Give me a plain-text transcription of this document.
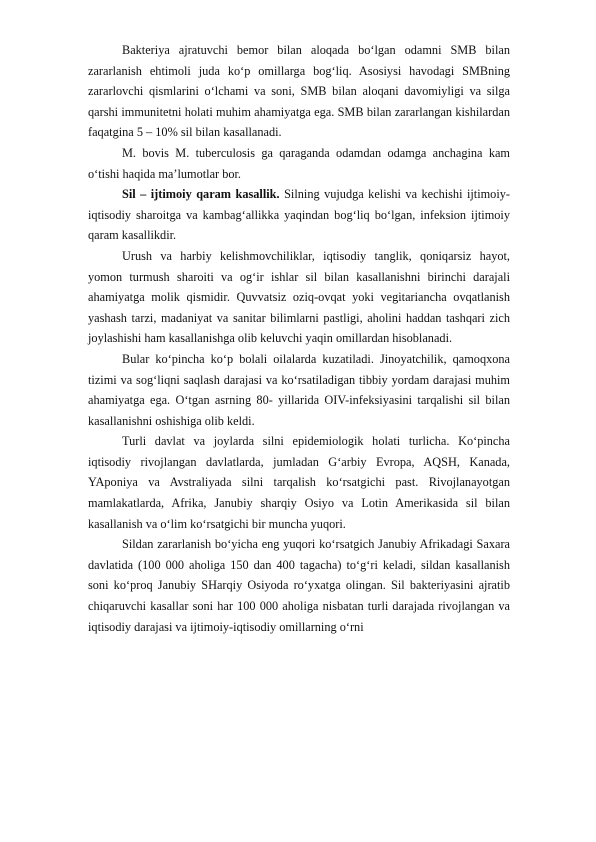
Bakteriya ajratuvchi bemor bilan aloqada bo‘lgan odamni SMB bilan zararlanish ehtimoli juda ko‘p omillarga bog‘liq. Asosiysi havodagi SMBning zararlovchi qismlarini o‘lchami va soni, SMB bilan aloqani davomiyligi va silga qarshi immunitetni holati muhim ahamiyatga ega. SMB bilan zararlangan kishilardan faqatgina 5 – 10% sil bilan kasallanadi.

M. bovis M. tuberculosis ga qaraganda odamdan odamga anchagina kam o‘tishi haqida ma’lumotlar bor.

Sil – ijtimoiy qaram kasallik. Silning vujudga kelishi va kechishi ijtimoiy-iqtisodiy sharoitga va kambag‘allikka yaqindan bog‘liq bo‘lgan, infeksion ijtimoiy qaram kasallikdir.

Urush va harbiy kelishmovchiliklar, iqtisodiy tanglik, qoniqarsiz hayot, yomon turmush sharoiti va og‘ir ishlar sil bilan kasallanishni birinchi darajali ahamiyatga molik qismidir. Quvvatsiz oziq-ovqat yoki vegitariancha ovqatlanish yashash tarzi, madaniyat va sanitar bilimlarni pastligi, aholini haddan tashqari zich joylashishi ham kasallanishga olib keluvchi yaqin omillardan hisoblanadi.

Bular ko‘pincha ko‘p bolali oilalarda kuzatiladi. Jinoyatchilik, qamoqxona tizimi va sog‘liqni saqlash darajasi va ko‘rsatiladigan tibbiy yordam darajasi muhim ahamiyatga ega. O‘tgan asrning 80- yillarida OIV-infeksiyasini tarqalishi sil bilan kasallanishni oshishiga olib keldi.

Turli davlat va joylarda silni epidemiologik holati turlicha. Ko‘pincha iqtisodiy rivojlangan davlatlarda, jumladan G‘arbiy Evropa, AQSH, Kanada, YAponiya va Avstraliyada silni tarqalish ko‘rsatgichi past. Rivojlanayotgan mamlakatlarda, Afrika, Janubiy sharqiy Osiyo va Lotin Amerikasida sil bilan kasallanish va o‘lim ko‘rsatgichi bir muncha yuqori.

Sildan zararlanish bo‘yicha eng yuqori ko‘rsatgich Janubiy Afrikadagi Saxara davlatida (100 000 aholiga 150 dan 400 tagacha) to‘g‘ri keladi, sildan kasallanish soni ko‘proq Janubiy SHarqiy Osiyoda ro‘yxatga olingan. Sil bakteriyasini ajratib chiqaruvchi kasallar soni har 100 000 aholiga nisbatan turli darajada rivojlangan va iqtisodiy darajasi va ijtimoiy-iqtisodiy omillarning o‘rni
